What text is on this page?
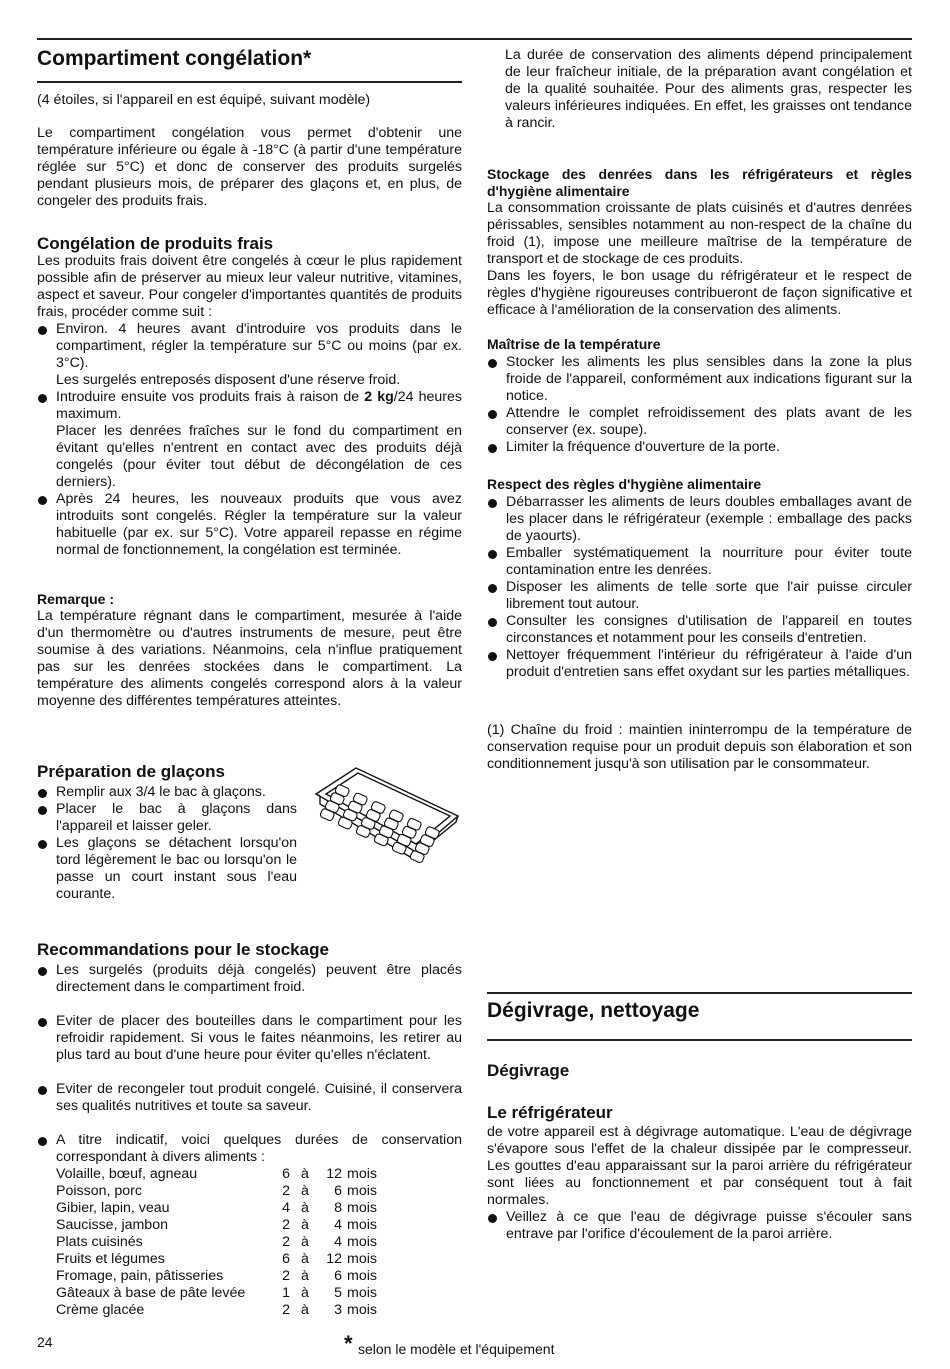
Compartiment congélation*
(4 étoiles, si l'appareil en est équipé, suivant modèle)
Le compartiment congélation vous permet d'obtenir une température inférieure ou égale à -18°C (à partir d'une température réglée sur 5°C) et donc de conserver des produits surgelés pendant plusieurs mois, de préparer des glaçons et, en plus, de congeler des produits frais.
Congélation de produits frais
Les produits frais doivent être congelés à cœur le plus rapidement possible afin de préserver au mieux leur valeur nutritive, vitamines, aspect et saveur. Pour congeler d'importantes quantités de produits frais, procéder comme suit :
Environ. 4 heures avant d'introduire vos produits dans le compartiment, régler la température sur 5°C ou moins (par ex. 3°C).
Les surgelés entreposés disposent d'une réserve froid.
Introduire ensuite vos produits frais à raison de 2 kg/24 heures maximum.
Placer les denrées fraîches sur le fond du compartiment en évitant qu'elles n'entrent en contact avec des produits déjà congelés (pour éviter tout début de décongélation de ces derniers).
Après 24 heures, les nouveaux produits que vous avez introduits sont congelés. Régler la température sur la valeur habituelle (par ex. sur 5°C). Votre appareil repasse en régime normal de fonctionnement, la congélation est terminée.
Remarque :
La température régnant dans le compartiment, mesurée à l'aide d'un thermomètre ou d'autres instruments de mesure, peut être soumise à des variations. Néanmoins, cela n'influe pratiquement pas sur les denrées stockées dans le compartiment. La température des aliments congelés correspond alors à la valeur moyenne des différentes températures atteintes.
Préparation de glaçons
Remplir aux 3/4 le bac à glaçons.
Placer le bac à glaçons dans l'appareil et laisser geler.
Les glaçons se détachent lorsqu'on tord légèrement le bac ou lorsqu'on le passe un court instant sous l'eau courante.
Recommandations pour le stockage
Les surgelés (produits déjà congelés) peuvent être placés directement dans le compartiment froid.
Eviter de placer des bouteilles dans le compartiment pour les refroidir rapidement. Si vous le faites néanmoins, les retirer au plus tard au bout d'une heure pour éviter qu'elles n'éclatent.
Eviter de recongeler tout produit congelé. Cuisiné, il conservera ses qualités nutritives et toute sa saveur.
A titre indicatif, voici quelques durées de conservation correspondant à divers aliments :
Volaille, bœuf, agneau	6	à	12	mois
Poisson, porc	2	à	6	mois
Gibier, lapin, veau	4	à	8	mois
Saucisse, jambon	2	à	4	mois
Plats cuisinés	2	à	4	mois
Fruits et légumes	6	à	12	mois
Fromage, pain, pâtisseries	2	à	6	mois
Gâteaux à base de pâte levée	1	à	5	mois
Crème glacée	2	à	3	mois
La durée de conservation des aliments dépend principalement de leur fraîcheur initiale, de la préparation avant congélation et de la qualité souhaitée. Pour des aliments gras, respecter les valeurs inférieures indiquées. En effet, les graisses ont tendance à rancir.
Stockage des denrées dans les réfrigérateurs et règles d'hygiène alimentaire
La consommation croissante de plats cuisinés et d'autres denrées périssables, sensibles notamment au non-respect de la chaîne du froid (1), impose une meilleure maîtrise de la température de transport et de stockage de ces produits.
Dans les foyers, le bon usage du réfrigérateur et le respect de règles d'hygiène rigoureuses contribueront de façon significative et efficace à l'amélioration de la conservation des aliments.
Maîtrise de la température
Stocker les aliments les plus sensibles dans la zone la plus froide de l'appareil, conformément aux indications figurant sur la notice.
Attendre le complet refroidissement des plats avant de les conserver (ex. soupe).
Limiter la fréquence d'ouverture de la porte.
Respect des règles d'hygiène alimentaire
Débarrasser les aliments de leurs doubles emballages avant de les placer dans le réfrigérateur (exemple : emballage des packs de yaourts).
Emballer systématiquement la nourriture pour éviter toute contamination entre les denrées.
Disposer les aliments de telle sorte que l'air puisse circuler librement tout autour.
Consulter les consignes d'utilisation de l'appareil en toutes circonstances et notamment pour les conseils d'entretien.
Nettoyer fréquemment l'intérieur du réfrigérateur à l'aide d'un produit d'entretien sans effet oxydant sur les parties métalliques.
(1) Chaîne du froid : maintien ininterrompu de la température de conservation requise pour un produit depuis son élaboration et son conditionnement jusqu'à son utilisation par le consommateur.
Dégivrage, nettoyage
Dégivrage
Le réfrigérateur
de votre appareil est à dégivrage automatique. L'eau de dégivrage s'évapore sous l'effet de la chaleur dissipée par le compresseur. Les gouttes d'eau apparaissant sur la paroi arrière du réfrigérateur sont liées au fonctionnement et par conséquent tout à fait normales.
Veillez à ce que l'eau de dégivrage puisse s'écouler sans entrave par l'orifice d'écoulement de la paroi arrière.
24	* selon le modèle et l'équipement
